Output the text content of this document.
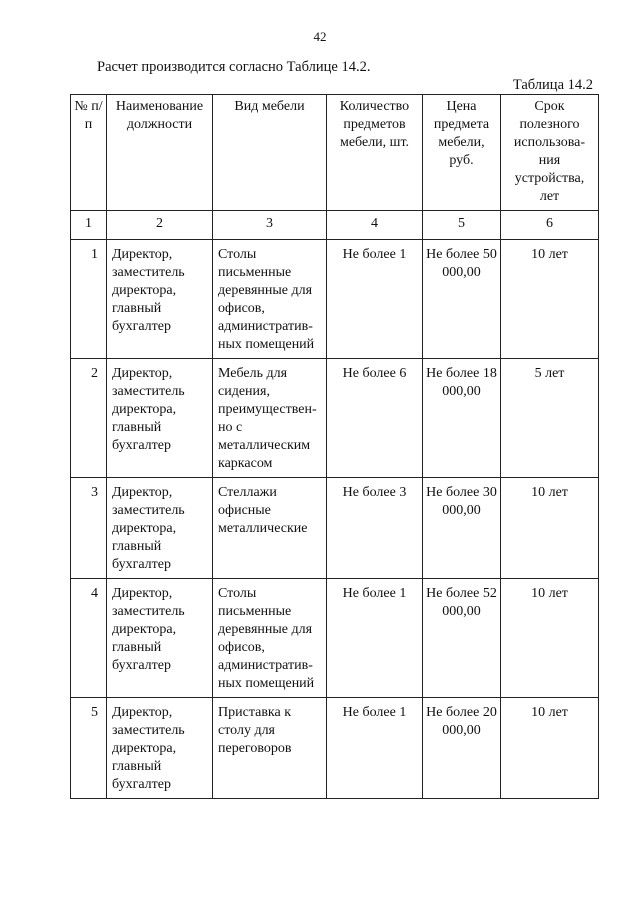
42
Расчет производится согласно Таблице 14.2.
Таблица 14.2
№ п/п	Наименование должности	Вид мебели	Количество предметов мебели, шт.	Цена предмета мебели, руб.	Срок полезного использова-ния устройства, лет
1	2	3	4	5	6
1	Директор, заместитель директора, главный бухгалтер	Столы письменные деревянные для офисов, административ-ных помещений	Не более 1	Не более 50 000,00	10 лет
2	Директор, заместитель директора, главный бухгалтер	Мебель для сидения, преимуществен-но с металлическим каркасом	Не более 6	Не более 18 000,00	5 лет
3	Директор, заместитель директора, главный бухгалтер	Стеллажи офисные металлические	Не более 3	Не более 30 000,00	10 лет
4	Директор, заместитель директора, главный бухгалтер	Столы письменные деревянные для офисов, административ-ных помещений	Не более 1	Не более 52 000,00	10 лет
5	Директор, заместитель директора, главный бухгалтер	Приставка к столу для переговоров	Не более 1	Не более 20 000,00	10 лет
